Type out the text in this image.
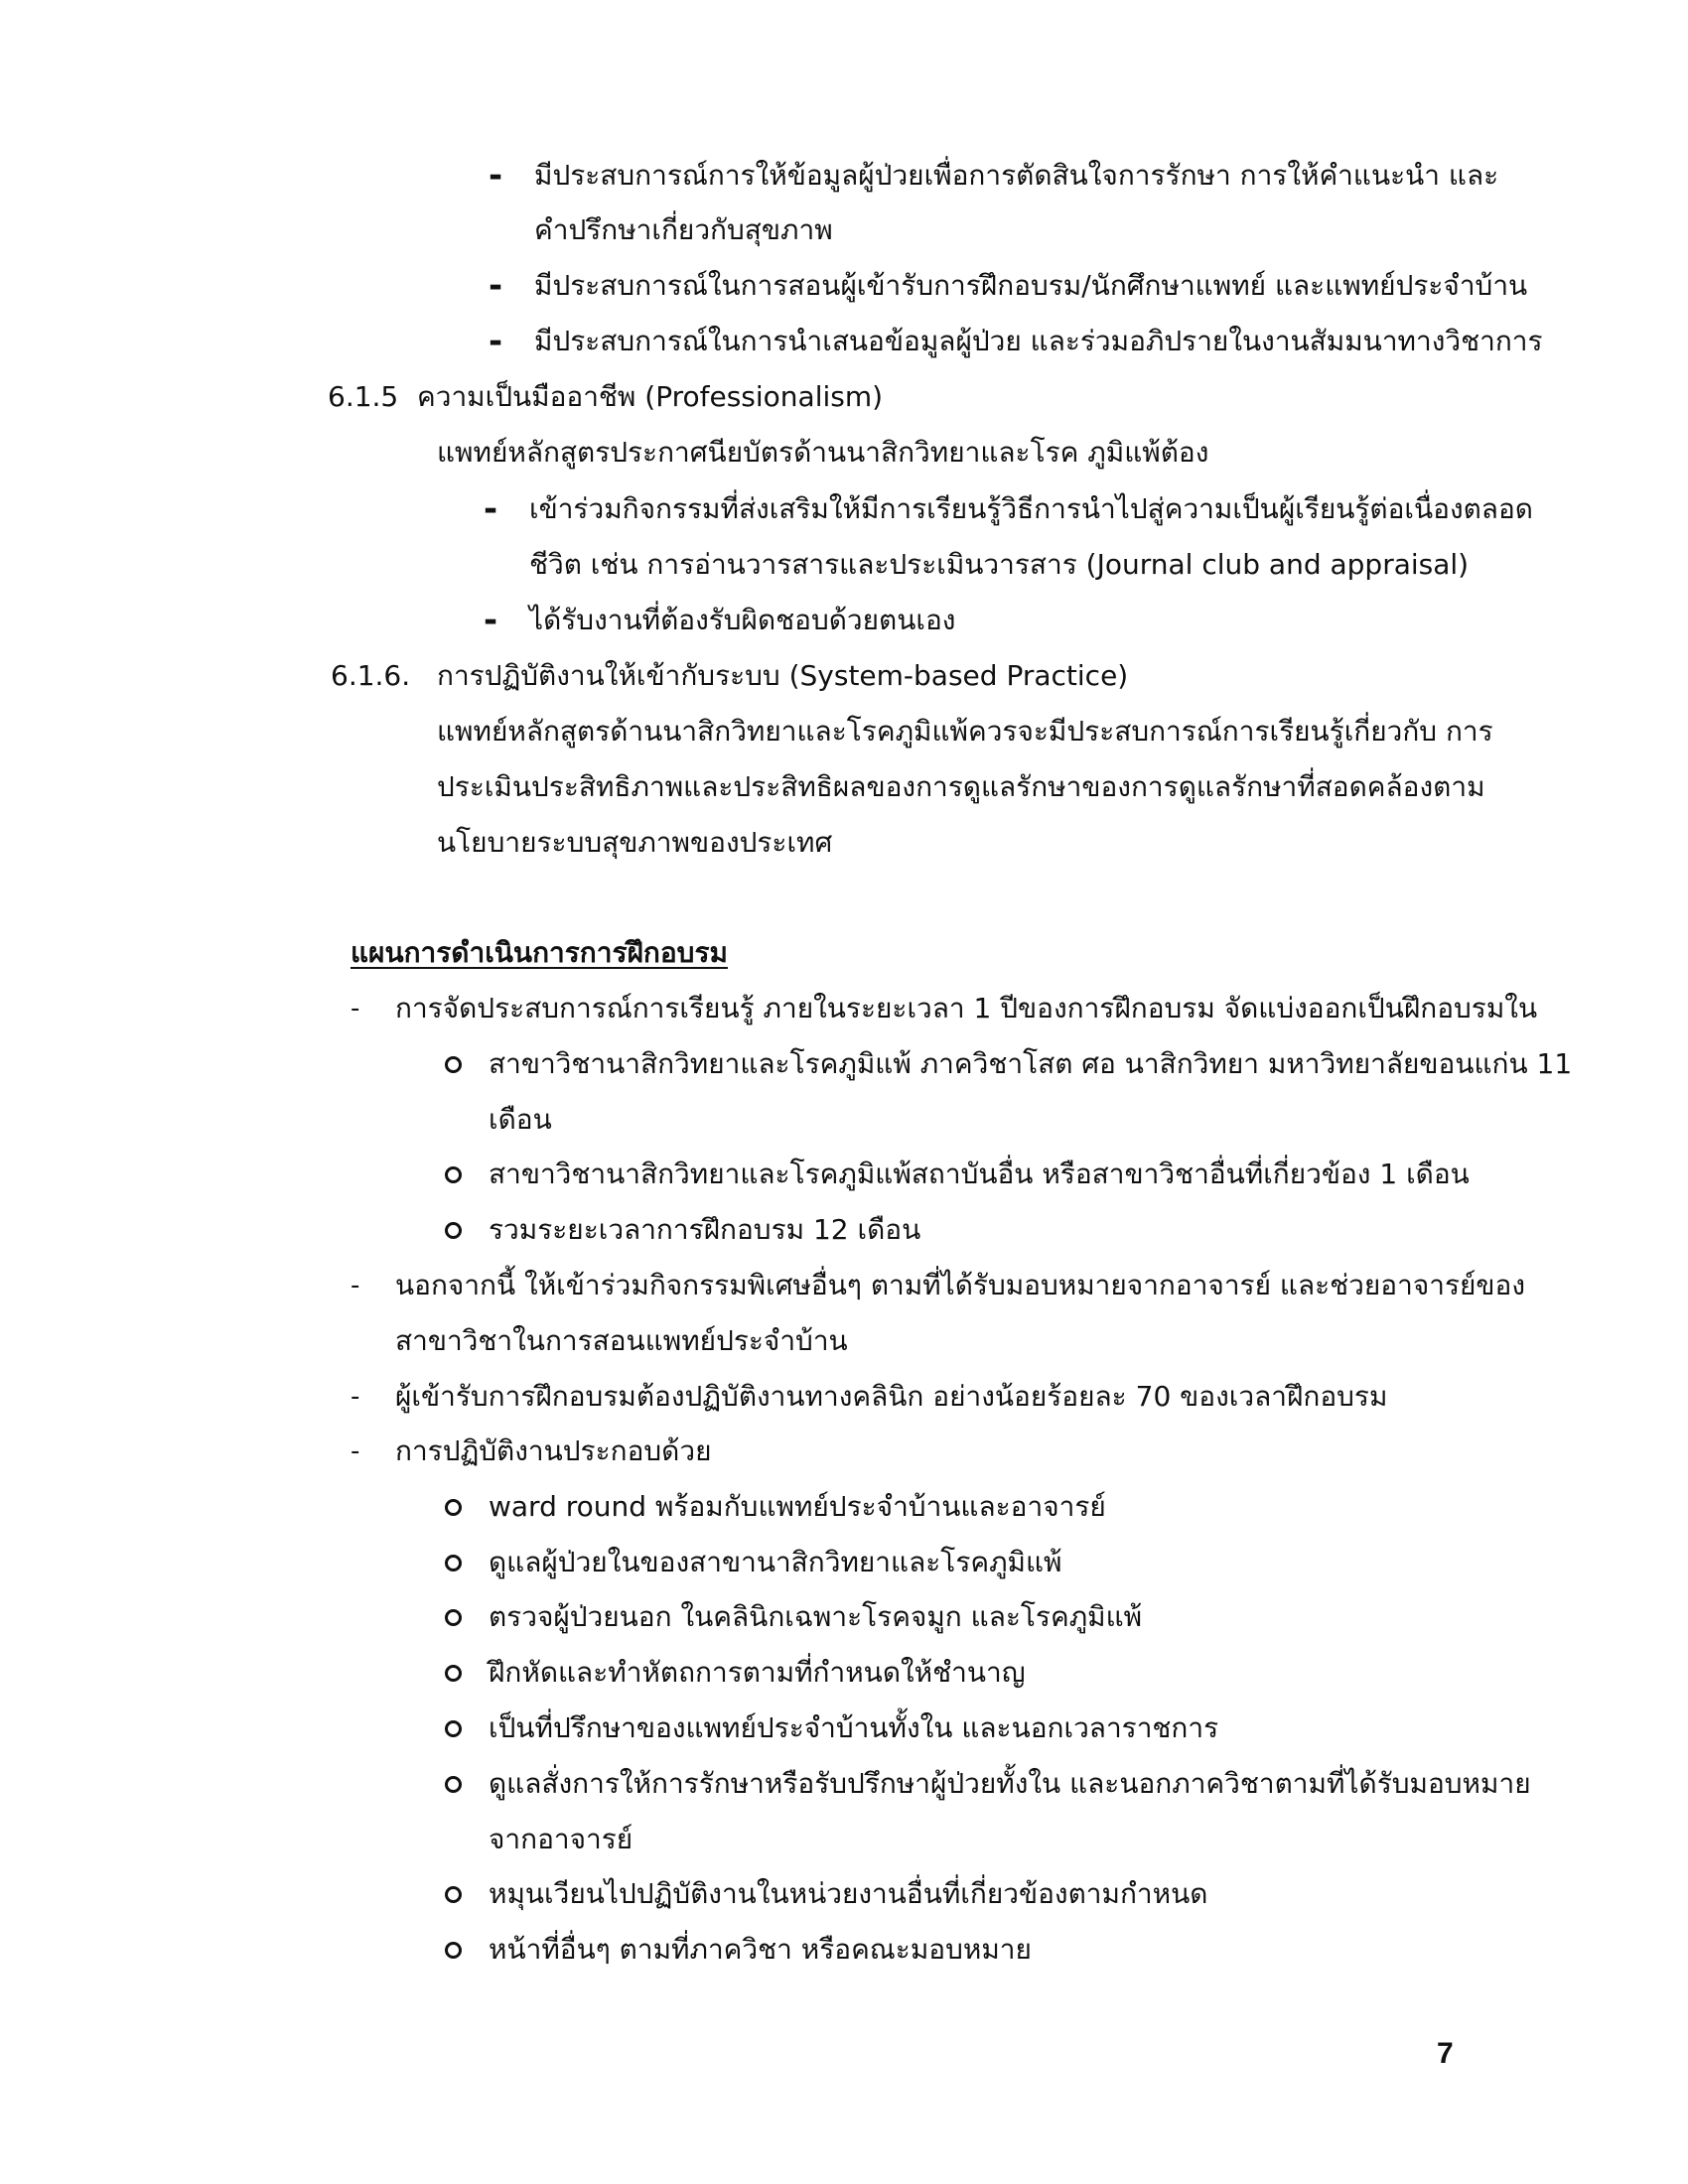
- มีประสบการณ์การให้ข้อมูลผู้ป่วยเพื่อการตัดสินใจการรักษา การให้คำแนะนำ และ
คำปรึกษาเกี่ยวกับสุขภาพ
- มีประสบการณ์ในการสอนผู้เข้ารับการฝึกอบรม/นักศึกษาแพทย์ และแพทย์ประจำบ้าน
- มีประสบการณ์ในการนำเสนอข้อมูลผู้ป่วย และร่วมอภิปรายในงานสัมมนาทางวิชาการ
6.1.5 ความเป็นมืออาชีพ (Professionalism)
แพทย์หลักสูตรประกาศนียบัตรด้านนาสิกวิทยาและโรค ภูมิแพ้ต้อง
- เข้าร่วมกิจกรรมที่ส่งเสริมให้มีการเรียนรู้วิธีการนำไปสู่ความเป็นผู้เรียนรู้ต่อเนื่องตลอด
ชีวิต เช่น การอ่านวารสารและประเมินวารสาร (Journal club and appraisal)
- ได้รับงานที่ต้องรับผิดชอบด้วยตนเอง
6.1.6. การปฏิบัติงานให้เข้ากับระบบ (System-based Practice)
แพทย์หลักสูตรด้านนาสิกวิทยาและโรคภูมิแพ้ควรจะมีประสบการณ์การเรียนรู้เกี่ยวกับ การ
ประเมินประสิทธิภาพและประสิทธิผลของการดูแลรักษาของการดูแลรักษาที่สอดคล้องตาม
นโยบายระบบสุขภาพของประเทศ
แผนการดำเนินการการฝึกอบรม
- การจัดประสบการณ์การเรียนรู้ ภายในระยะเวลา 1 ปีของการฝึกอบรม จัดแบ่งออกเป็นฝึกอบรมใน
สาขาวิชานาสิกวิทยาและโรคภูมิแพ้ ภาควิชาโสต ศอ นาสิกวิทยา มหาวิทยาลัยขอนแก่น 11
เดือน
สาขาวิชานาสิกวิทยาและโรคภูมิแพ้สถาบันอื่น หรือสาขาวิชาอื่นที่เกี่ยวข้อง 1 เดือน
รวมระยะเวลาการฝึกอบรม 12 เดือน
- นอกจากนี้ ให้เข้าร่วมกิจกรรมพิเศษอื่นๆ ตามที่ได้รับมอบหมายจากอาจารย์ และช่วยอาจารย์ของ
สาขาวิชาในการสอนแพทย์ประจำบ้าน
- ผู้เข้ารับการฝึกอบรมต้องปฏิบัติงานทางคลินิก อย่างน้อยร้อยละ 70 ของเวลาฝึกอบรม
- การปฏิบัติงานประกอบด้วย
ward round พร้อมกับแพทย์ประจำบ้านและอาจารย์
ดูแลผู้ป่วยในของสาขานาสิกวิทยาและโรคภูมิแพ้
ตรวจผู้ป่วยนอก ในคลินิกเฉพาะโรคจมูก และโรคภูมิแพ้
ฝึกหัดและทำหัตถการตามที่กำหนดให้ชำนาญ
เป็นที่ปรึกษาของแพทย์ประจำบ้านทั้งใน และนอกเวลาราชการ
ดูแลสั่งการให้การรักษาหรือรับปรึกษาผู้ป่วยทั้งใน และนอกภาควิชาตามที่ได้รับมอบหมาย
จากอาจารย์
หมุนเวียนไปปฏิบัติงานในหน่วยงานอื่นที่เกี่ยวข้องตามกำหนด
หน้าที่อื่นๆ ตามที่ภาควิชา หรือคณะมอบหมาย
7
